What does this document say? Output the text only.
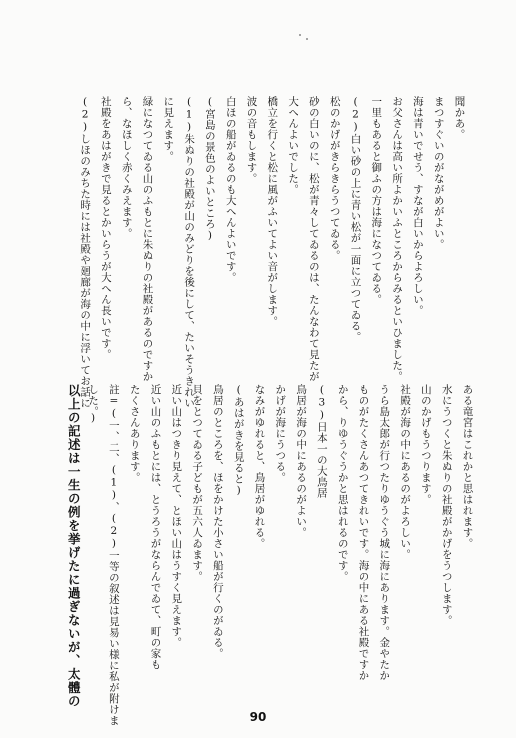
聞かあ。
まつすぐいのがながめがよい。
海は青いでせう、すなが白いからよろしい。
お父さんは高い所よかいふところからみるといひました。
一里もあると御ふの方は海になつてゐる。
(2)白い砂の上に青い松が一面に立つてゐる。
松のかげがきらきらうつてゐる。
砂の白いのに、松が青々してゐるのは、たんなわて見たが
大へんよいでした。
橋立を行くと松に風がふいてよい音がします。
波の音もします。
白ほの船がゐるのも大へんよいです。
(宮島の景色のよいところ)
(1)朱ぬりの社殿が山のみどりを後にして、たいそうきれい
に見えます。
緑になつてゐる山のふもとに朱ぬりの社殿があるのですか
ら、なほしく赤くみえます。
社殿をあはがきで見るとかいらうが大へん長いです。
(2)しほのみちた時には社殿や廻廊が海の中に浮いてお話に
ある竜宮はこれかと思はれます。
水にうつくと朱ぬりの社殿がかげをうつします。
山のかげもうつります。
社殿が海の中にあるのがよろしい。
うら島太郎が行つたりゆうぐう城に海にあります。金やたか
ものがたくさんあつてきれいです。海の中にある社殿ですか
から、りゆうぐうかと思はれるのです。
(3)日本一の大鳥居
鳥居が海の中にあるのがよい。
かげが海にうつる。
なみがゆれると、鳥居がゆれる。
(あはがきを見ると)
鳥居のところを、ほをかけた小さい船が行くのがゐる。
貝をとつてゐる子どもが五六人ゐます。
近い山はつきり見えて、とほい山はうすく見えます。
近い山のふもとには、とうろうがならんでゐて、町の家も
たくさんあります。
註=(一、二、(1)、(2)一等の叙述は見易い様に私が附けま
した。)
以上の記述は一生の例を挙げたに過ぎないが、太體の
90
